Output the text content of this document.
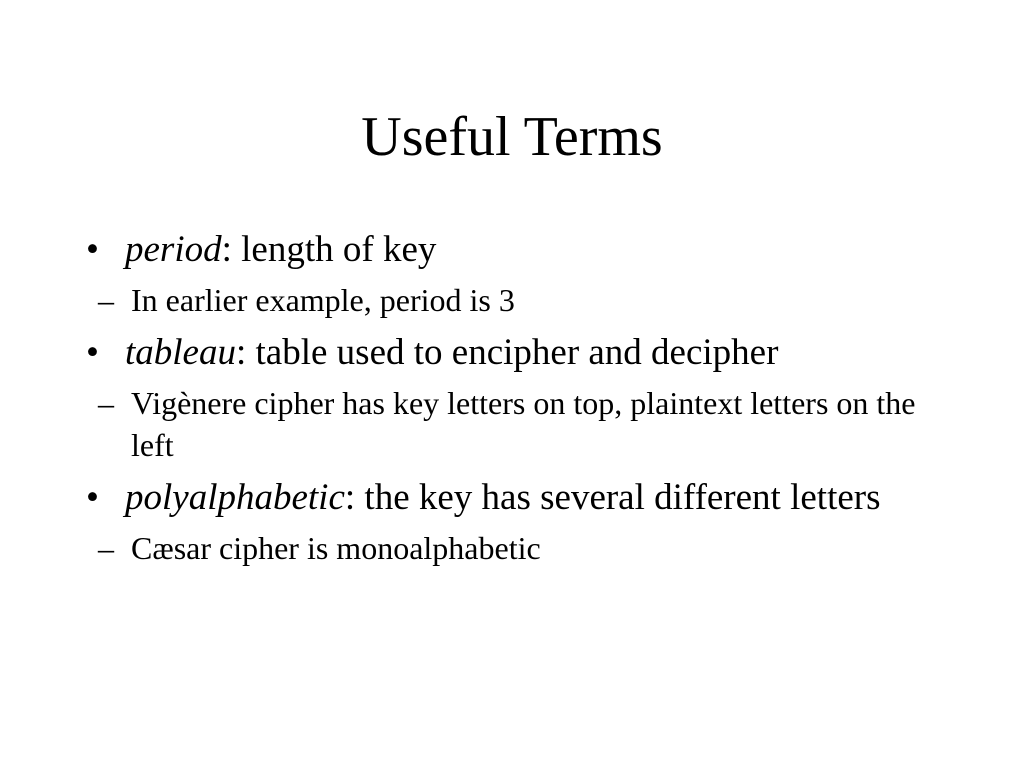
Useful Terms
• period: length of key
– In earlier example, period is 3
• tableau: table used to encipher and decipher
– Vigènere cipher has key letters on top, plaintext letters on the left
• polyalphabetic: the key has several different letters
– Cæsar cipher is monoalphabetic
